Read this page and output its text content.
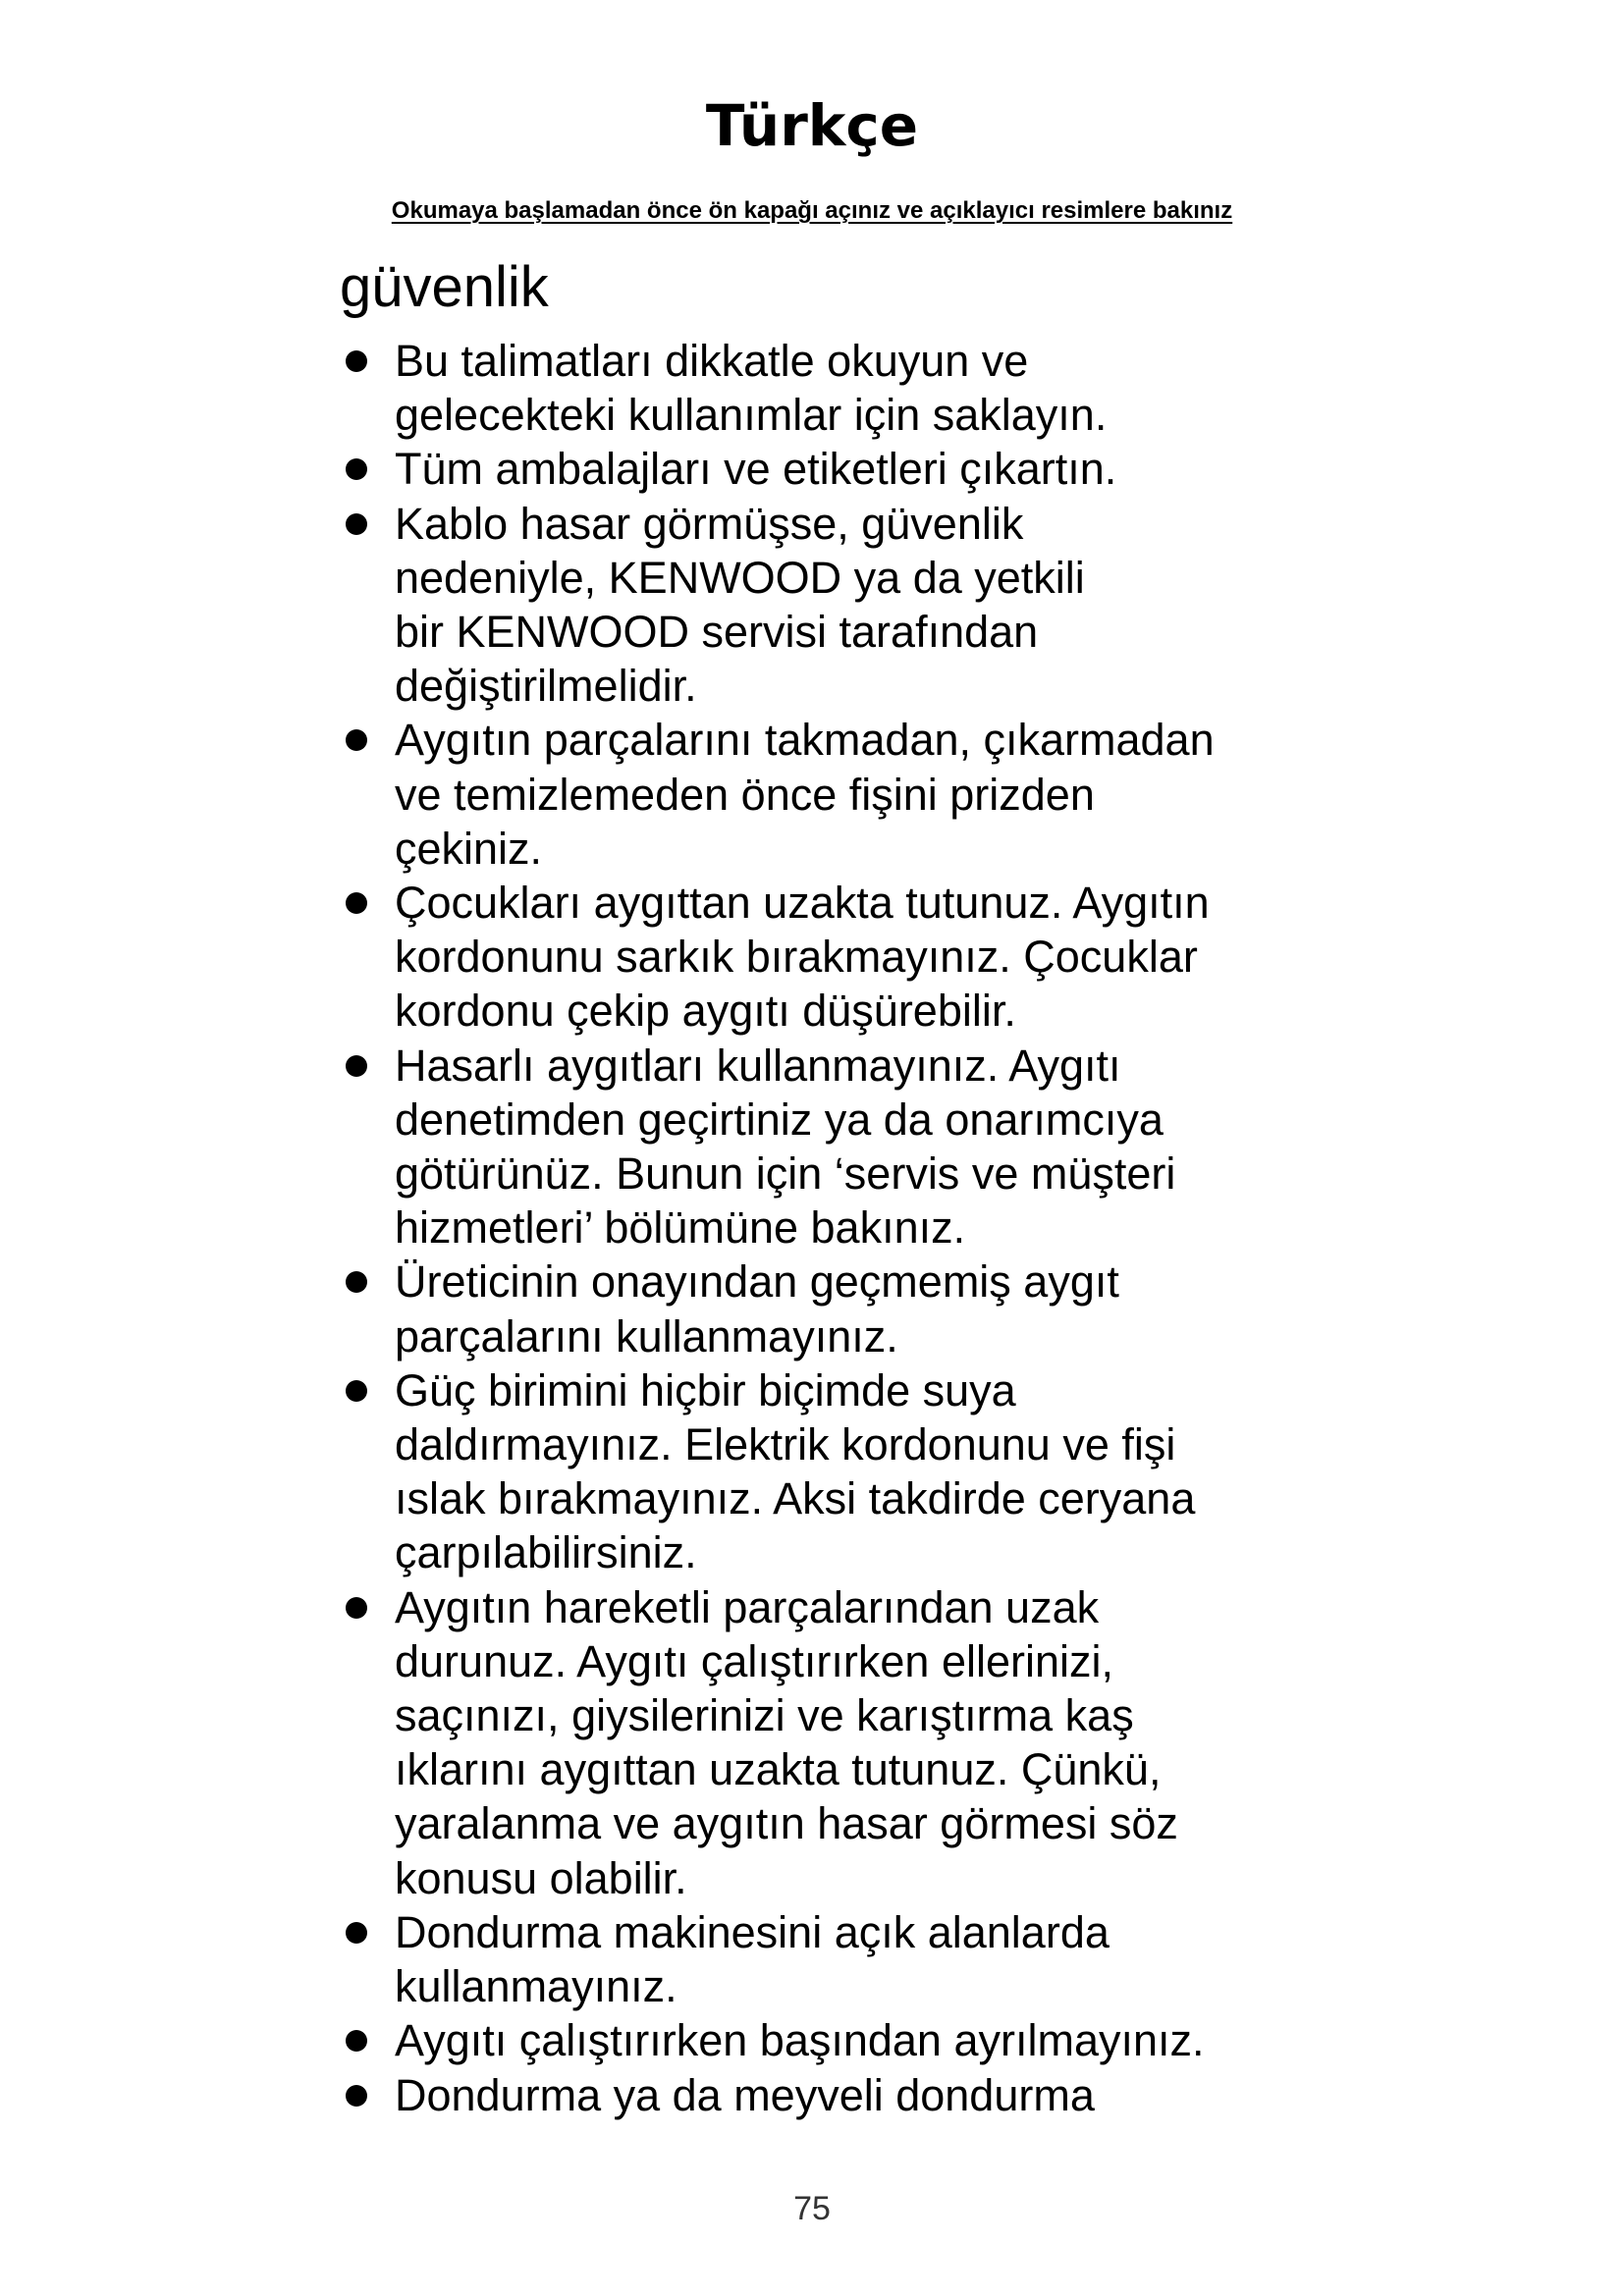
Türkçe
Okumaya başlamadan önce ön kapağı açınız ve açıklayıcı resimlere bakınız
güvenlik
Bu talimatları dikkatle okuyun ve
gelecekteki kullanımlar için saklayın.
Tüm ambalajları ve etiketleri çıkartın.
Kablo hasar görmüşse, güvenlik
nedeniyle, KENWOOD ya da yetkili
bir KENWOOD servisi tarafından
değiştirilmelidir.
Aygıtın parçalarını takmadan, çıkarmadan
ve temizlemeden önce fişini prizden
çekiniz.
Çocukları aygıttan uzakta tutunuz. Aygıtın
kordonunu sarkık bırakmayınız. Çocuklar
kordonu çekip aygıtı düşürebilir.
Hasarlı aygıtları kullanmayınız. Aygıtı
denetimden geçirtiniz ya da onarımcıya
götürünüz. Bunun için ‘servis ve müşteri
hizmetleri’ bölümüne bakınız.
Üreticinin onayından geçmemiş aygıt
parçalarını kullanmayınız.
Güç birimini hiçbir biçimde suya
daldırmayınız. Elektrik kordonunu ve fişi
ıslak bırakmayınız. Aksi takdirde ceryana
çarpılabilirsiniz.
Aygıtın hareketli parçalarından uzak
durunuz. Aygıtı çalıştırırken ellerinizi,
saçınızı, giysilerinizi ve karıştırma kaş
ıklarını aygıttan uzakta tutunuz. Çünkü,
yaralanma ve aygıtın hasar görmesi söz
konusu olabilir.
Dondurma makinesini açık alanlarda
kullanmayınız.
Aygıtı çalıştırırken başından ayrılmayınız.
Dondurma ya da meyveli dondurma
75
